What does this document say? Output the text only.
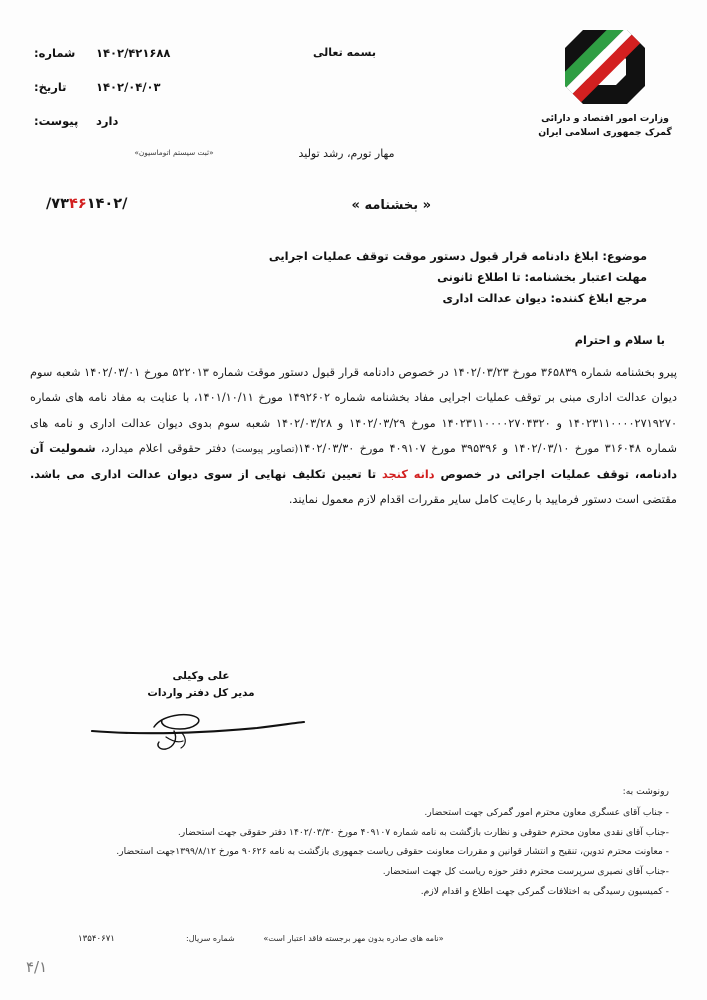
بسمه تعالی
مهار تورم، رشد تولید
وزارت امور اقتصاد و دارائی
گمرک جمهوری اسلامی ایران
شماره:	۱۴۰۲/۴۲۱۶۸۸
تاریخ:	۱۴۰۲/۰۴/۰۳
پیوست:	دارد
«ثبت سیستم اتوماسیون»
« بخشنامه »
/۷۳۴۶۱۴۰۲/
موضوع: ابلاغ دادنامه قرار قبول دستور موقت توقف عملیات اجرایی
مهلت اعتبار بخشنامه: تا اطلاع ثانونی
مرجع ابلاغ کننده: دیوان عدالت اداری
با سلام و احترام
پیرو بخشنامه شماره ۳۶۵۸۳۹ مورخ ۱۴۰۲/۰۳/۲۳ در خصوص دادنامه قرار قبول دستور موقت شماره ۵۲۲۰۱۳ مورخ ۱۴۰۲/۰۳/۰۱ شعبه سوم دیوان عدالت اداری مبنی بر توقف عملیات اجرایی مفاد بخشنامه شماره ۱۴۹۲۶۰۲ مورخ ۱۴۰۱/۱۰/۱۱، با عنایت به مفاد نامه های شماره ۱۴۰۲۳۱۱۰۰۰۰۲۷۱۹۲۷۰ و ۱۴۰۲۳۱۱۰۰۰۰۲۷۰۴۳۲۰ مورخ ۱۴۰۲/۰۳/۲۹ و ۱۴۰۲/۰۳/۲۸ شعبه سوم بدوی دیوان عدالت اداری و نامه های شماره ۳۱۶۰۴۸ مورخ ۱۴۰۲/۰۳/۱۰ و ۳۹۵۳۹۶ مورخ ۴۰۹۱۰۷ مورخ ۱۴۰۲/۰۳/۳۰(تصاویر پیوست) دفتر حقوقی اعلام میدارد، شمولیت آن دادنامه، توقف عملیات اجرائی در خصوص دانه کنجد تا تعیین تکلیف نهایی از سوی دیوان عدالت اداری می باشد. مقتضی است دستور فرمایید با رعایت کامل سایر مقررات اقدام لازم معمول نمایند.
علی وکیلی
مدیر کل دفتر واردات
رونوشت به:
- جناب آقای عسگری معاون محترم امور گمرکی جهت استحضار.
-جناب آقای نقدی معاون محترم حقوقی و نظارت بازگشت به نامه شماره ۴۰۹۱۰۷ مورخ ۱۴۰۲/۰۳/۳۰ دفتر حقوقی جهت استحضار.
- معاونت محترم تدوین، تنقیح و انتشار قوانین و مقررات معاونت حقوقی ریاست جمهوری بازگشت به نامه ۹۰۶۲۶ مورخ ۱۳۹۹/۸/۱۲جهت استحضار.
-جناب آقای نصیری سرپرست محترم دفتر حوزه ریاست کل جهت استحضار.
- کمیسیون رسیدگی به اختلافات گمرکی جهت اطلاع و اقدام لازم.
«نامه های صادره بدون مهر برجسته فاقد اعتبار است»
شماره سریال:
۱۳۵۴۰۶۷۱
۴/۱
